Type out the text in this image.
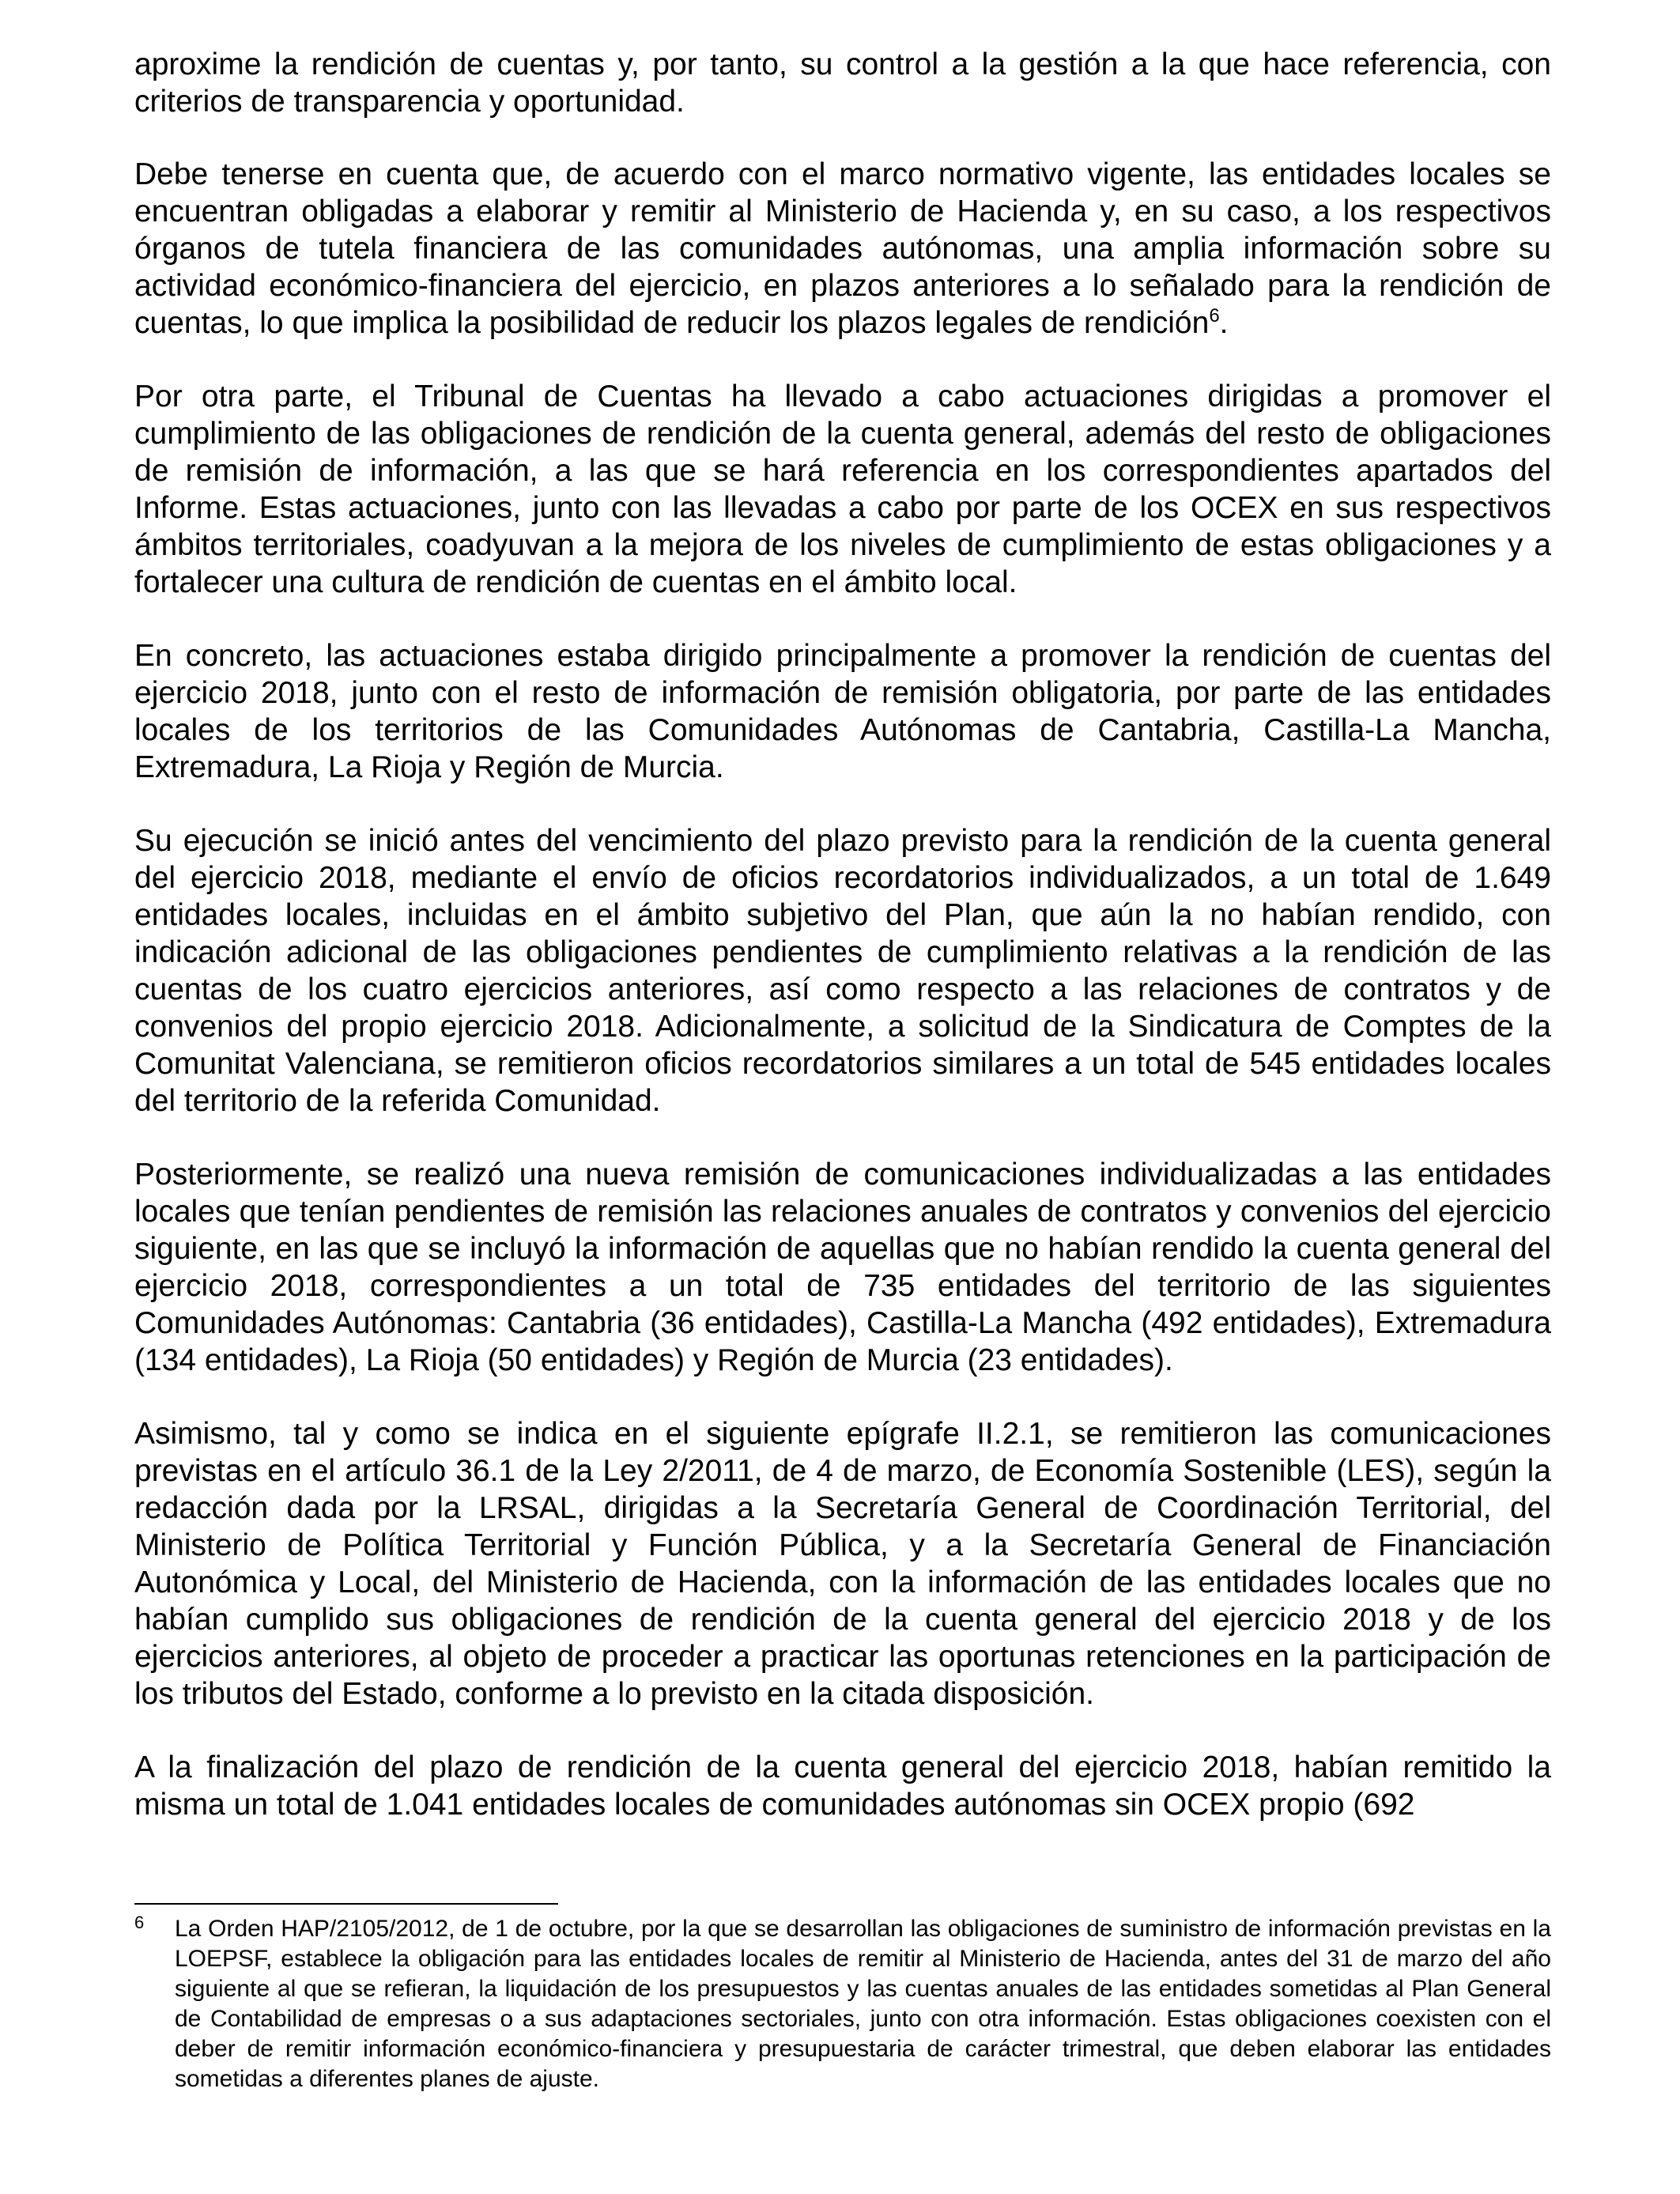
aproxime la rendición de cuentas y, por tanto, su control a la gestión a la que hace referencia, con criterios de transparencia y oportunidad.

Debe tenerse en cuenta que, de acuerdo con el marco normativo vigente, las entidades locales se encuentran obligadas a elaborar y remitir al Ministerio de Hacienda y, en su caso, a los respectivos órganos de tutela financiera de las comunidades autónomas, una amplia información sobre su actividad económico-financiera del ejercicio, en plazos anteriores a lo señalado para la rendición de cuentas, lo que implica la posibilidad de reducir los plazos legales de rendición$^6$.

Por otra parte, el Tribunal de Cuentas ha llevado a cabo actuaciones dirigidas a promover el cumplimiento de las obligaciones de rendición de la cuenta general, además del resto de obligaciones de remisión de información, a las que se hará referencia en los correspondientes apartados del Informe. Estas actuaciones, junto con las llevadas a cabo por parte de los OCEX en sus respectivos ámbitos territoriales, coadyuvan a la mejora de los niveles de cumplimiento de estas obligaciones y a fortalecer una cultura de rendición de cuentas en el ámbito local.

En concreto, las actuaciones estaba dirigido principalmente a promover la rendición de cuentas del ejercicio 2018, junto con el resto de información de remisión obligatoria, por parte de las entidades locales de los territorios de las Comunidades Autónomas de Cantabria, Castilla-La Mancha, Extremadura, La Rioja y Región de Murcia.

Su ejecución se inició antes del vencimiento del plazo previsto para la rendición de la cuenta general del ejercicio 2018, mediante el envío de oficios recordatorios individualizados, a un total de 1.649 entidades locales, incluidas en el ámbito subjetivo del Plan, que aún la no habían rendido, con indicación adicional de las obligaciones pendientes de cumplimiento relativas a la rendición de las cuentas de los cuatro ejercicios anteriores, así como respecto a las relaciones de contratos y de convenios del propio ejercicio 2018. Adicionalmente, a solicitud de la Sindicatura de Comptes de la Comunitat Valenciana, se remitieron oficios recordatorios similares a un total de 545 entidades locales del territorio de la referida Comunidad.

Posteriormente, se realizó una nueva remisión de comunicaciones individualizadas a las entidades locales que tenían pendientes de remisión las relaciones anuales de contratos y convenios del ejercicio siguiente, en las que se incluyó la información de aquellas que no habían rendido la cuenta general del ejercicio 2018, correspondientes a un total de 735 entidades del territorio de las siguientes Comunidades Autónomas: Cantabria (36 entidades), Castilla-La Mancha (492 entidades), Extremadura (134 entidades), La Rioja (50 entidades) y Región de Murcia (23 entidades).

Asimismo, tal y como se indica en el siguiente epígrafe II.2.1, se remitieron las comunicaciones previstas en el artículo 36.1 de la Ley 2/2011, de 4 de marzo, de Economía Sostenible (LES), según la redacción dada por la LRSAL, dirigidas a la Secretaría General de Coordinación Territorial, del Ministerio de Política Territorial y Función Pública, y a la Secretaría General de Financiación Autonómica y Local, del Ministerio de Hacienda, con la información de las entidades locales que no habían cumplido sus obligaciones de rendición de la cuenta general del ejercicio 2018 y de los ejercicios anteriores, al objeto de proceder a practicar las oportunas retenciones en la participación de los tributos del Estado, conforme a lo previsto en la citada disposición.

A la finalización del plazo de rendición de la cuenta general del ejercicio 2018, habían remitido la misma un total de 1.041 entidades locales de comunidades autónomas sin OCEX propio (692

6 La Orden HAP/2105/2012, de 1 de octubre, por la que se desarrollan las obligaciones de suministro de información previstas en la LOEPSF, establece la obligación para las entidades locales de remitir al Ministerio de Hacienda, antes del 31 de marzo del año siguiente al que se refieran, la liquidación de los presupuestos y las cuentas anuales de las entidades sometidas al Plan General de Contabilidad de empresas o a sus adaptaciones sectoriales, junto con otra información. Estas obligaciones coexisten con el deber de remitir información económico-financiera y presupuestaria de carácter trimestral, que deben elaborar las entidades sometidas a diferentes planes de ajuste.
